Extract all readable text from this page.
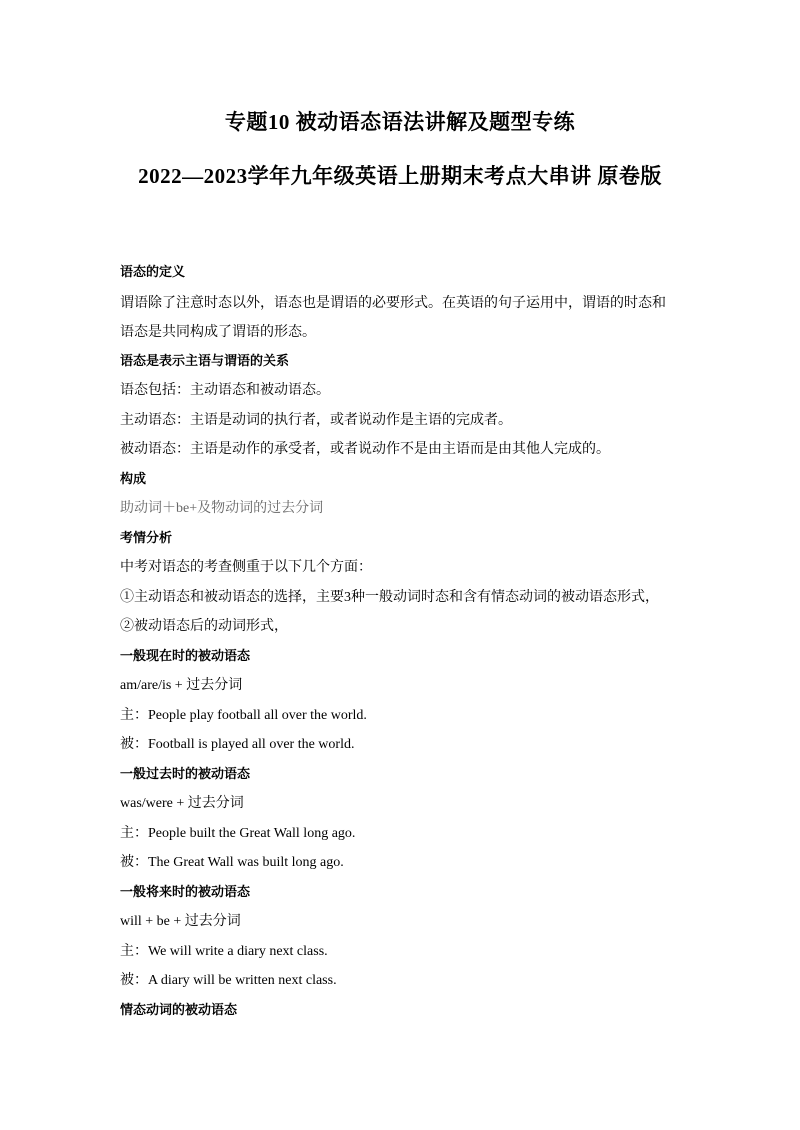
专题10 被动语态语法讲解及题型专练
2022—2023学年九年级英语上册期末考点大串讲 原卷版
语态的定义
谓语除了注意时态以外，语态也是谓语的必要形式。在英语的句子运用中，谓语的时态和
语态是共同构成了谓语的形态。
语态是表示主语与谓语的关系
语态包括：主动语态和被动语态。
主动语态：主语是动词的执行者，或者说动作是主语的完成者。
被动语态：主语是动作的承受者，或者说动作不是由主语而是由其他人完成的。
构成
助动词＋be+及物动词的过去分词
考情分析
中考对语态的考查侧重于以下几个方面：
①主动语态和被动语态的选择，主要3种一般动词时态和含有情态动词的被动语态形式，
②被动语态后的动词形式，
一般现在时的被动语态
am/are/is + 过去分词
主：People play football all over the world.
被：Football is played all over the world.
一般过去时的被动语态
was/were + 过去分词
主：People built the Great Wall long ago.
被：The Great Wall was built long ago.
一般将来时的被动语态
will + be + 过去分词
主：We will write a diary next class.
被：A diary will be written next class.
情态动词的被动语态
